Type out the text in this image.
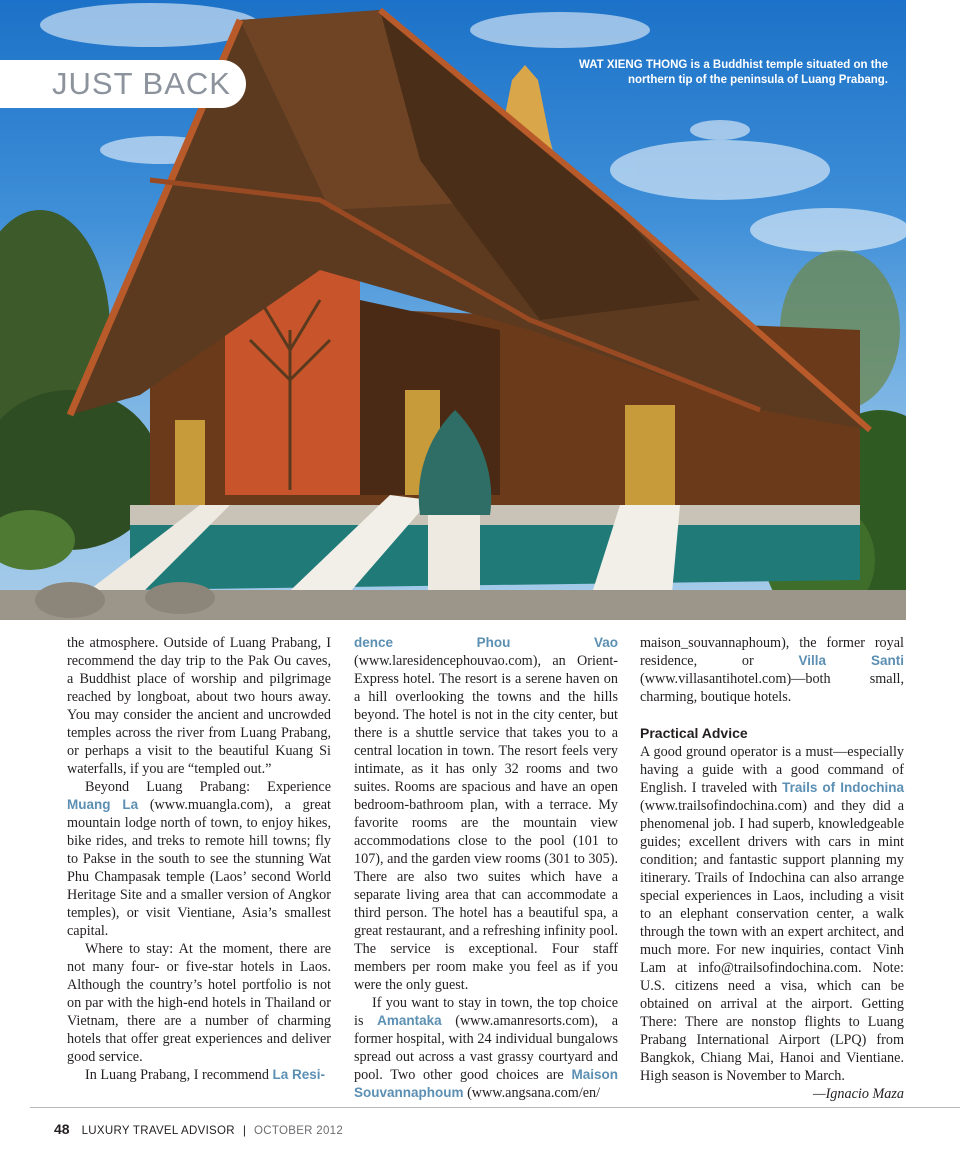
JUST BACK
WAT XIENG THONG is a Buddhist temple situated on the
northern tip of the peninsula of Luang Prabang.

the atmosphere. Outside of Luang Prabang, I recommend the day trip to the Pak Ou caves, a Buddhist place of worship and pilgrimage reached by longboat, about two hours away. You may consider the ancient and uncrowded temples across the river from Luang Prabang, or perhaps a visit to the beautiful Kuang Si waterfalls, if you are “templed out.”

Beyond Luang Prabang: Experience Muang La (www.muangla.com), a great mountain lodge north of town, to enjoy hikes, bike rides, and treks to remote hill towns; fly to Pakse in the south to see the stunning Wat Phu Champasak temple (Laos’ second World Heritage Site and a smaller version of Angkor temples), or visit Vientiane, Asia’s smallest capital.

Where to stay: At the moment, there are not many four- or five-star hotels in Laos. Although the country’s hotel portfolio is not on par with the high-end hotels in Thailand or Vietnam, there are a number of charming hotels that offer great experiences and deliver good service.

In Luang Prabang, I recommend La Resi-

dence Phou Vao (www.laresidencephouvao.com), an Orient-Express hotel. The resort is a serene haven on a hill overlooking the towns and the hills beyond. The hotel is not in the city center, but there is a shuttle service that takes you to a central location in town. The resort feels very intimate, as it has only 32 rooms and two suites. Rooms are spacious and have an open bedroom-bathroom plan, with a terrace. My favorite rooms are the mountain view accommodations close to the pool (101 to 107), and the garden view rooms (301 to 305). There are also two suites which have a separate living area that can accommodate a third person. The hotel has a beautiful spa, a great restaurant, and a refreshing infinity pool. The service is exceptional. Four staff members per room make you feel as if you were the only guest.

If you want to stay in town, the top choice is Amantaka (www.amanresorts.com), a former hospital, with 24 individual bungalows spread out across a vast grassy courtyard and pool. Two other good choices are Maison Souvannaphoum (www.angsana.com/en/

maison_souvannaphoum), the former royal residence, or Villa Santi (www.villasantihotel.com)—both small, charming, boutique hotels.

Practical Advice

A good ground operator is a must—especially having a guide with a good command of English. I traveled with Trails of Indochina (www.trailsofindochina.com) and they did a phenomenal job. I had superb, knowledgeable guides; excellent drivers with cars in mint condition; and fantastic support planning my itinerary. Trails of Indochina can also arrange special experiences in Laos, including a visit to an elephant conservation center, a walk through the town with an expert architect, and much more. For new inquiries, contact Vinh Lam at info@trailsofindochina.com. Note: U.S. citizens need a visa, which can be obtained on arrival at the airport. Getting There: There are nonstop flights to Luang Prabang International Airport (LPQ) from Bangkok, Chiang Mai, Hanoi and Vientiane. High season is November to March.
—Ignacio Maza

48 LUXURY TRAVEL ADVISOR | OCTOBER 2012
